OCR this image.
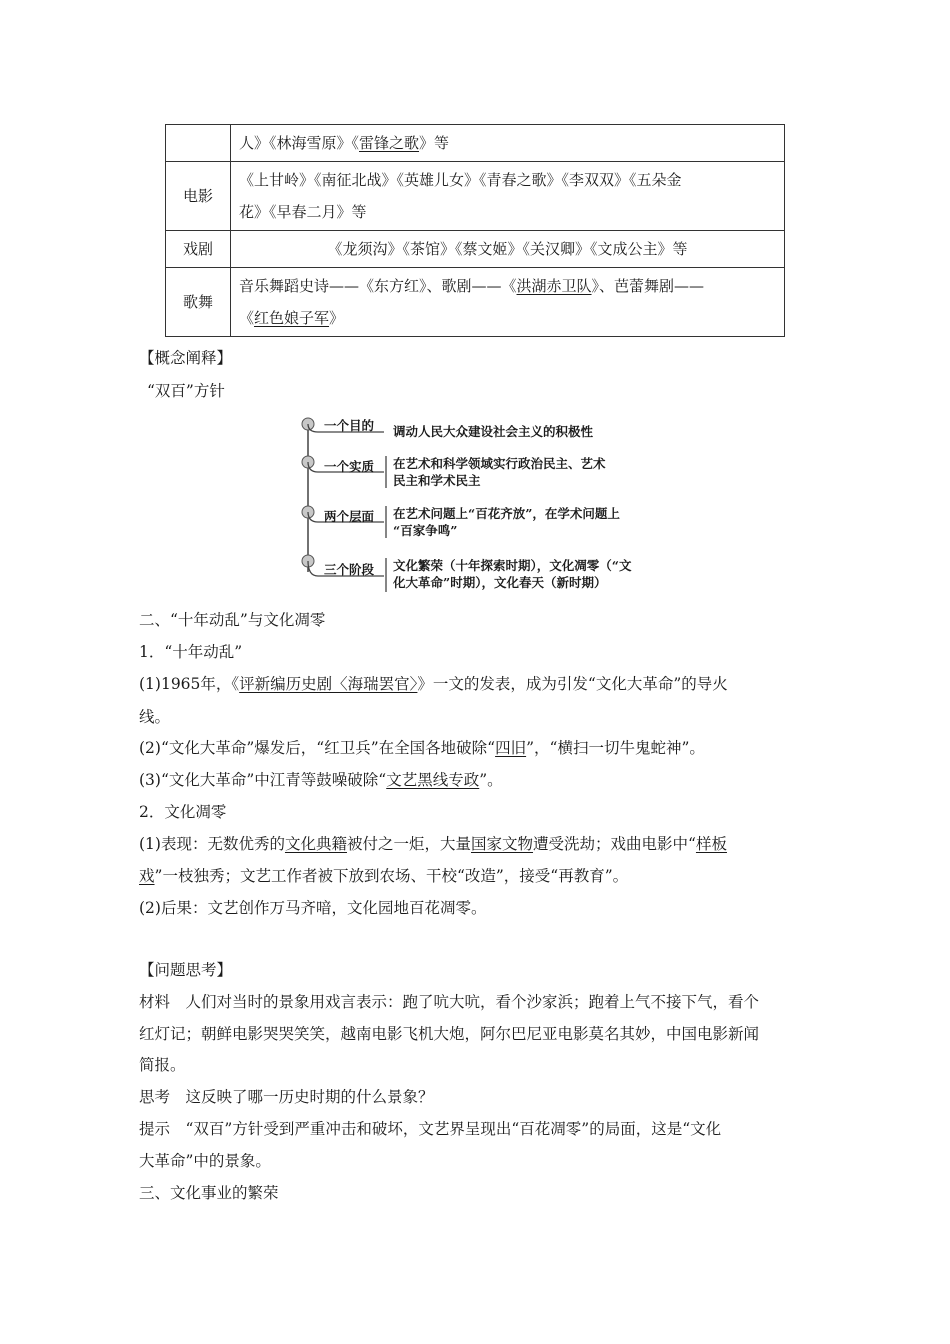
	人》《林海雪原》《雷锋之歌》等
电影	《上甘岭》《南征北战》《英雄儿女》《青春之歌》《李双双》《五朵金
花》《早春二月》等

戏剧	《龙须沟》《茶馆》《蔡文姬》《关汉卿》《文成公主》等
歌舞	音乐舞蹈史诗——《东方红》、歌剧——《洪湖赤卫队》、芭蕾舞剧——
《红色娘子军》
【概念阐释】
“双百”方针
一个目的 调动人民大众建设社会主义的积极性
一个实质 在艺术和科学领域实行政治民主、艺术
民主和学术民主
两个层面 在艺术问题上“百花齐放”，在学术问题上
“百家争鸣”
三个阶段 文化繁荣（十年探索时期），文化凋零（“文
化大革命”时期），文化春天（新时期）
二、“十年动乱”与文化凋零
1．“十年动乱”
(1)1965年，《评新编历史剧〈海瑞罢官〉》一文的发表，成为引发“文化大革命”的导火
线。
(2)“文化大革命”爆发后，“红卫兵”在全国各地破除“四旧”，“横扫一切牛鬼蛇神”。
(3)“文化大革命”中江青等鼓噪破除“文艺黑线专政”。
2．文化凋零
(1)表现：无数优秀的文化典籍被付之一炬，大量国家文物遭受洗劫；戏曲电影中“样板
戏”一枝独秀；文艺工作者被下放到农场、干校“改造”，接受“再教育”。
(2)后果：文艺创作万马齐喑，文化园地百花凋零。
【问题思考】
材料　人们对当时的景象用戏言表示：跑了吭大吭，看个沙家浜；跑着上气不接下气，看个
红灯记；朝鲜电影哭哭笑笑，越南电影飞机大炮，阿尔巴尼亚电影莫名其妙，中国电影新闻
简报。
思考　这反映了哪一历史时期的什么景象？
提示　“双百”方针受到严重冲击和破坏，文艺界呈现出“百花凋零”的局面，这是“文化
大革命”中的景象。
三、文化事业的繁荣
